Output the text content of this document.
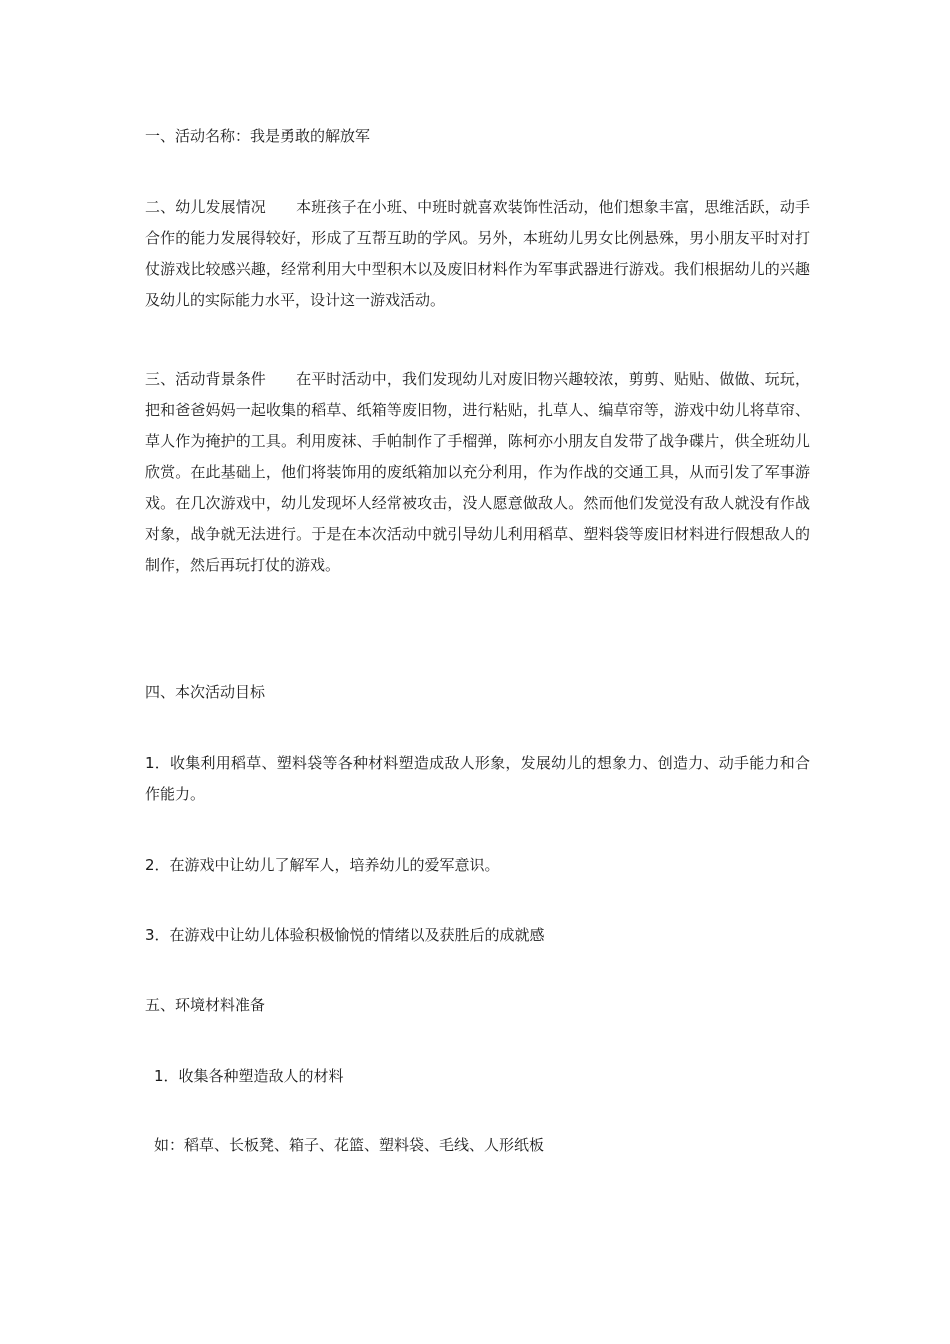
一、活动名称：我是勇敢的解放军

二、幼儿发展情况　　本班孩子在小班、中班时就喜欢装饰性活动，他们想象丰富，思维活跃，动手合作的能力发展得较好，形成了互帮互助的学风。另外，本班幼儿男女比例悬殊，男小朋友平时对打仗游戏比较感兴趣，经常利用大中型积木以及废旧材料作为军事武器进行游戏。我们根据幼儿的兴趣及幼儿的实际能力水平，设计这一游戏活动。

三、活动背景条件　　在平时活动中，我们发现幼儿对废旧物兴趣较浓，剪剪、贴贴、做做、玩玩，把和爸爸妈妈一起收集的稻草、纸箱等废旧物，进行粘贴，扎草人、编草帘等，游戏中幼儿将草帘、草人作为掩护的工具。利用废袜、手帕制作了手榴弹，陈柯亦小朋友自发带了战争碟片，供全班幼儿欣赏。在此基础上，他们将装饰用的废纸箱加以充分利用，作为作战的交通工具，从而引发了军事游戏。在几次游戏中，幼儿发现坏人经常被攻击，没人愿意做敌人。然而他们发觉没有敌人就没有作战对象，战争就无法进行。于是在本次活动中就引导幼儿利用稻草、塑料袋等废旧材料进行假想敌人的制作，然后再玩打仗的游戏。

四、本次活动目标

1．收集利用稻草、塑料袋等各种材料塑造成敌人形象，发展幼儿的想象力、创造力、动手能力和合作能力。

2．在游戏中让幼儿了解军人，培养幼儿的爱军意识。

3．在游戏中让幼儿体验积极愉悦的情绪以及获胜后的成就感

五、环境材料准备

1．收集各种塑造敌人的材料

如：稻草、长板凳、箱子、花篮、塑料袋、毛线、人形纸板
